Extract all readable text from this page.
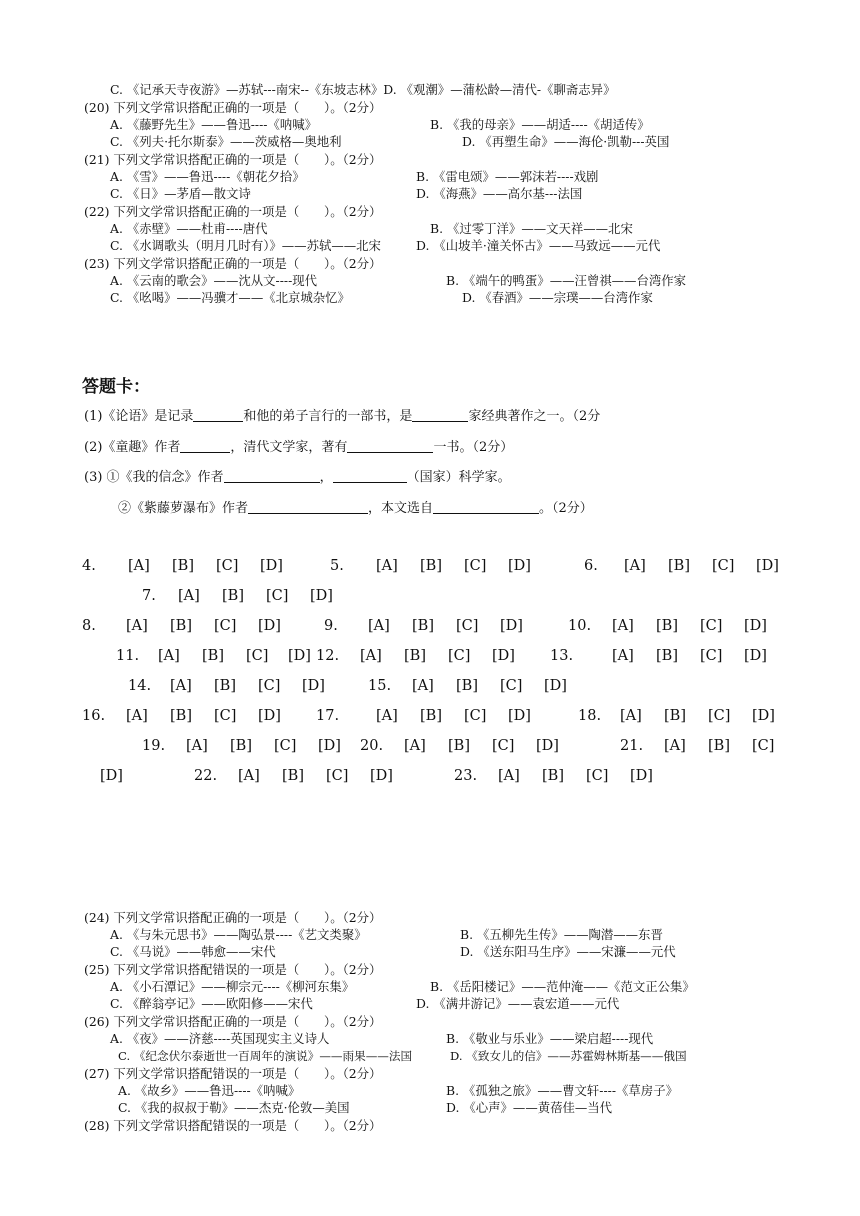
C. 《记承天寺夜游》—苏轼---南宋--《东坡志林》D. 《观潮》—蒲松龄—清代-《聊斋志异》
(20) 下列文学常识搭配正确的一项是（　　）。（2分）
A. 《藤野先生》——鲁迅----《呐喊》	B. 《我的母亲》——胡适----《胡适传》
C. 《列夫·托尔斯泰》——茨威格—奥地利	D. 《再塑生命》——海伦·凯勒---英国
(21) 下列文学常识搭配正确的一项是（　　）。（2分）
A. 《雪》——鲁迅----《朝花夕拾》	B. 《雷电颂》——郭沫若----戏剧
C. 《日》—茅盾—散文诗	D. 《海燕》——高尔基---法国
(22) 下列文学常识搭配正确的一项是（　　）。（2分）
A. 《赤壁》——杜甫----唐代	B. 《过零丁洋》——文天祥——北宋
C. 《水调歌头（明月几时有）》——苏轼——北宋	D. 《山坡羊·潼关怀古》——马致远——元代
(23) 下列文学常识搭配正确的一项是（　　）。（2分）
A. 《云南的歌会》——沈从文----现代	B. 《端午的鸭蛋》——汪曾祺——台湾作家
C. 《吆喝》——冯骥才——《北京城杂忆》	D. 《春酒》——宗璞——台湾作家
答题卡：
(1)《论语》是记录	和他的弟子言行的一部书，是	家经典著作之一。（2分
(2)《童趣》作者	，清代文学家，著有	一书。（2分）
(3) ①《我的信念》作者	，	（国家）科学家。
②《紫藤萝瀑布》作者	，本文选自	。（2分）
4. [A] [B] [C] [D]	5. [A] [B] [C] [D]	6. [A] [B] [C] [D]
7. [A] [B] [C] [D]
8. [A] [B] [C] [D]	9. [A] [B] [C] [D]	10. [A] [B] [C] [D]
11. [A] [B] [C] [D] 12. [A] [B] [C] [D] 13.	[A] [B] [C] [D]
14. [A] [B] [C] [D]	15. [A] [B] [C] [D]
16. [A] [B] [C] [D] 17.	[A] [B] [C] [D]	18. [A] [B] [C] [D]
19. [A] [B] [C] [D] 20. [A] [B] [C] [D]	21. [A] [B] [C]
[D]	22. [A] [B] [C] [D]	23. [A] [B] [C] [D]
(24) 下列文学常识搭配正确的一项是（　　）。（2分）
A. 《与朱元思书》——陶弘景----《艺文类聚》	B. 《五柳先生传》——陶潜——东晋
C. 《马说》——韩愈——宋代	D. 《送东阳马生序》——宋濂——元代
(25) 下列文学常识搭配错误的一项是（　　）。（2分）
A. 《小石潭记》——柳宗元----《柳河东集》	B. 《岳阳楼记》——范仲淹——《范文正公集》
C. 《醉翁亭记》——欧阳修——宋代	D. 《满井游记》——袁宏道——元代
(26) 下列文学常识搭配正确的一项是（　　）。（2分）
A. 《夜》——济慈----英国现实主义诗人	B. 《敬业与乐业》——梁启超----现代
C. 《纪念伏尔泰逝世一百周年的演说》——雨果——法国	D. 《致女儿的信》——苏霍姆林斯基——俄国
(27) 下列文学常识搭配错误的一项是（　　）。（2分）
A. 《故乡》——鲁迅----《呐喊》	B. 《孤独之旅》——曹文轩----《草房子》
C. 《我的叔叔于勒》——杰克·伦敦—美国	D. 《心声》——黄蓓佳—当代
(28) 下列文学常识搭配错误的一项是（　　）。（2分）
